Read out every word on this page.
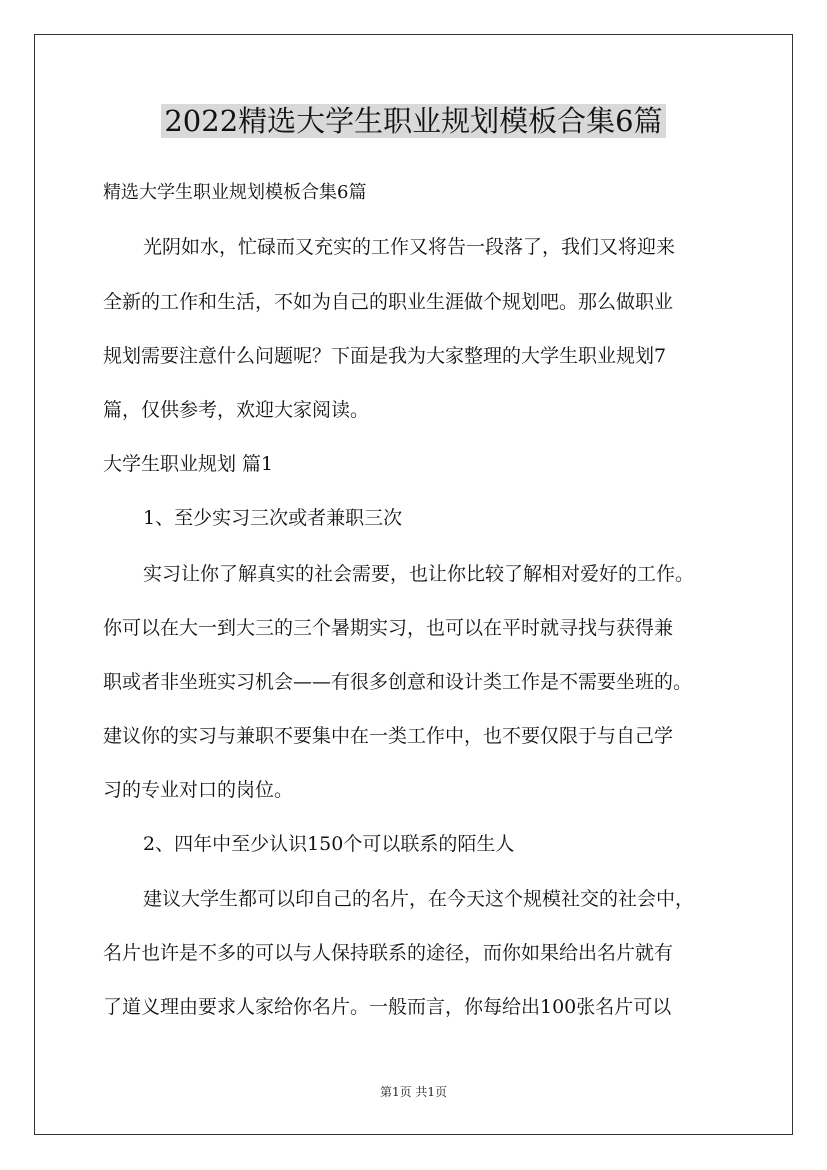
2022精选大学生职业规划模板合集6篇
精选大学生职业规划模板合集6篇
光阴如水，忙碌而又充实的工作又将告一段落了，我们又将迎来
全新的工作和生活，不如为自己的职业生涯做个规划吧。那么做职业
规划需要注意什么问题呢？下面是我为大家整理的大学生职业规划7
篇，仅供参考，欢迎大家阅读。
大学生职业规划 篇1
1、至少实习三次或者兼职三次
实习让你了解真实的社会需要，也让你比较了解相对爱好的工作。
你可以在大一到大三的三个暑期实习，也可以在平时就寻找与获得兼
职或者非坐班实习机会——有很多创意和设计类工作是不需要坐班的。
建议你的实习与兼职不要集中在一类工作中，也不要仅限于与自己学
习的专业对口的岗位。
2、四年中至少认识150个可以联系的陌生人
建议大学生都可以印自己的名片，在今天这个规模社交的社会中，
名片也许是不多的可以与人保持联系的途径，而你如果给出名片就有
了道义理由要求人家给你名片。一般而言，你每给出100张名片可以
第1页 共1页
